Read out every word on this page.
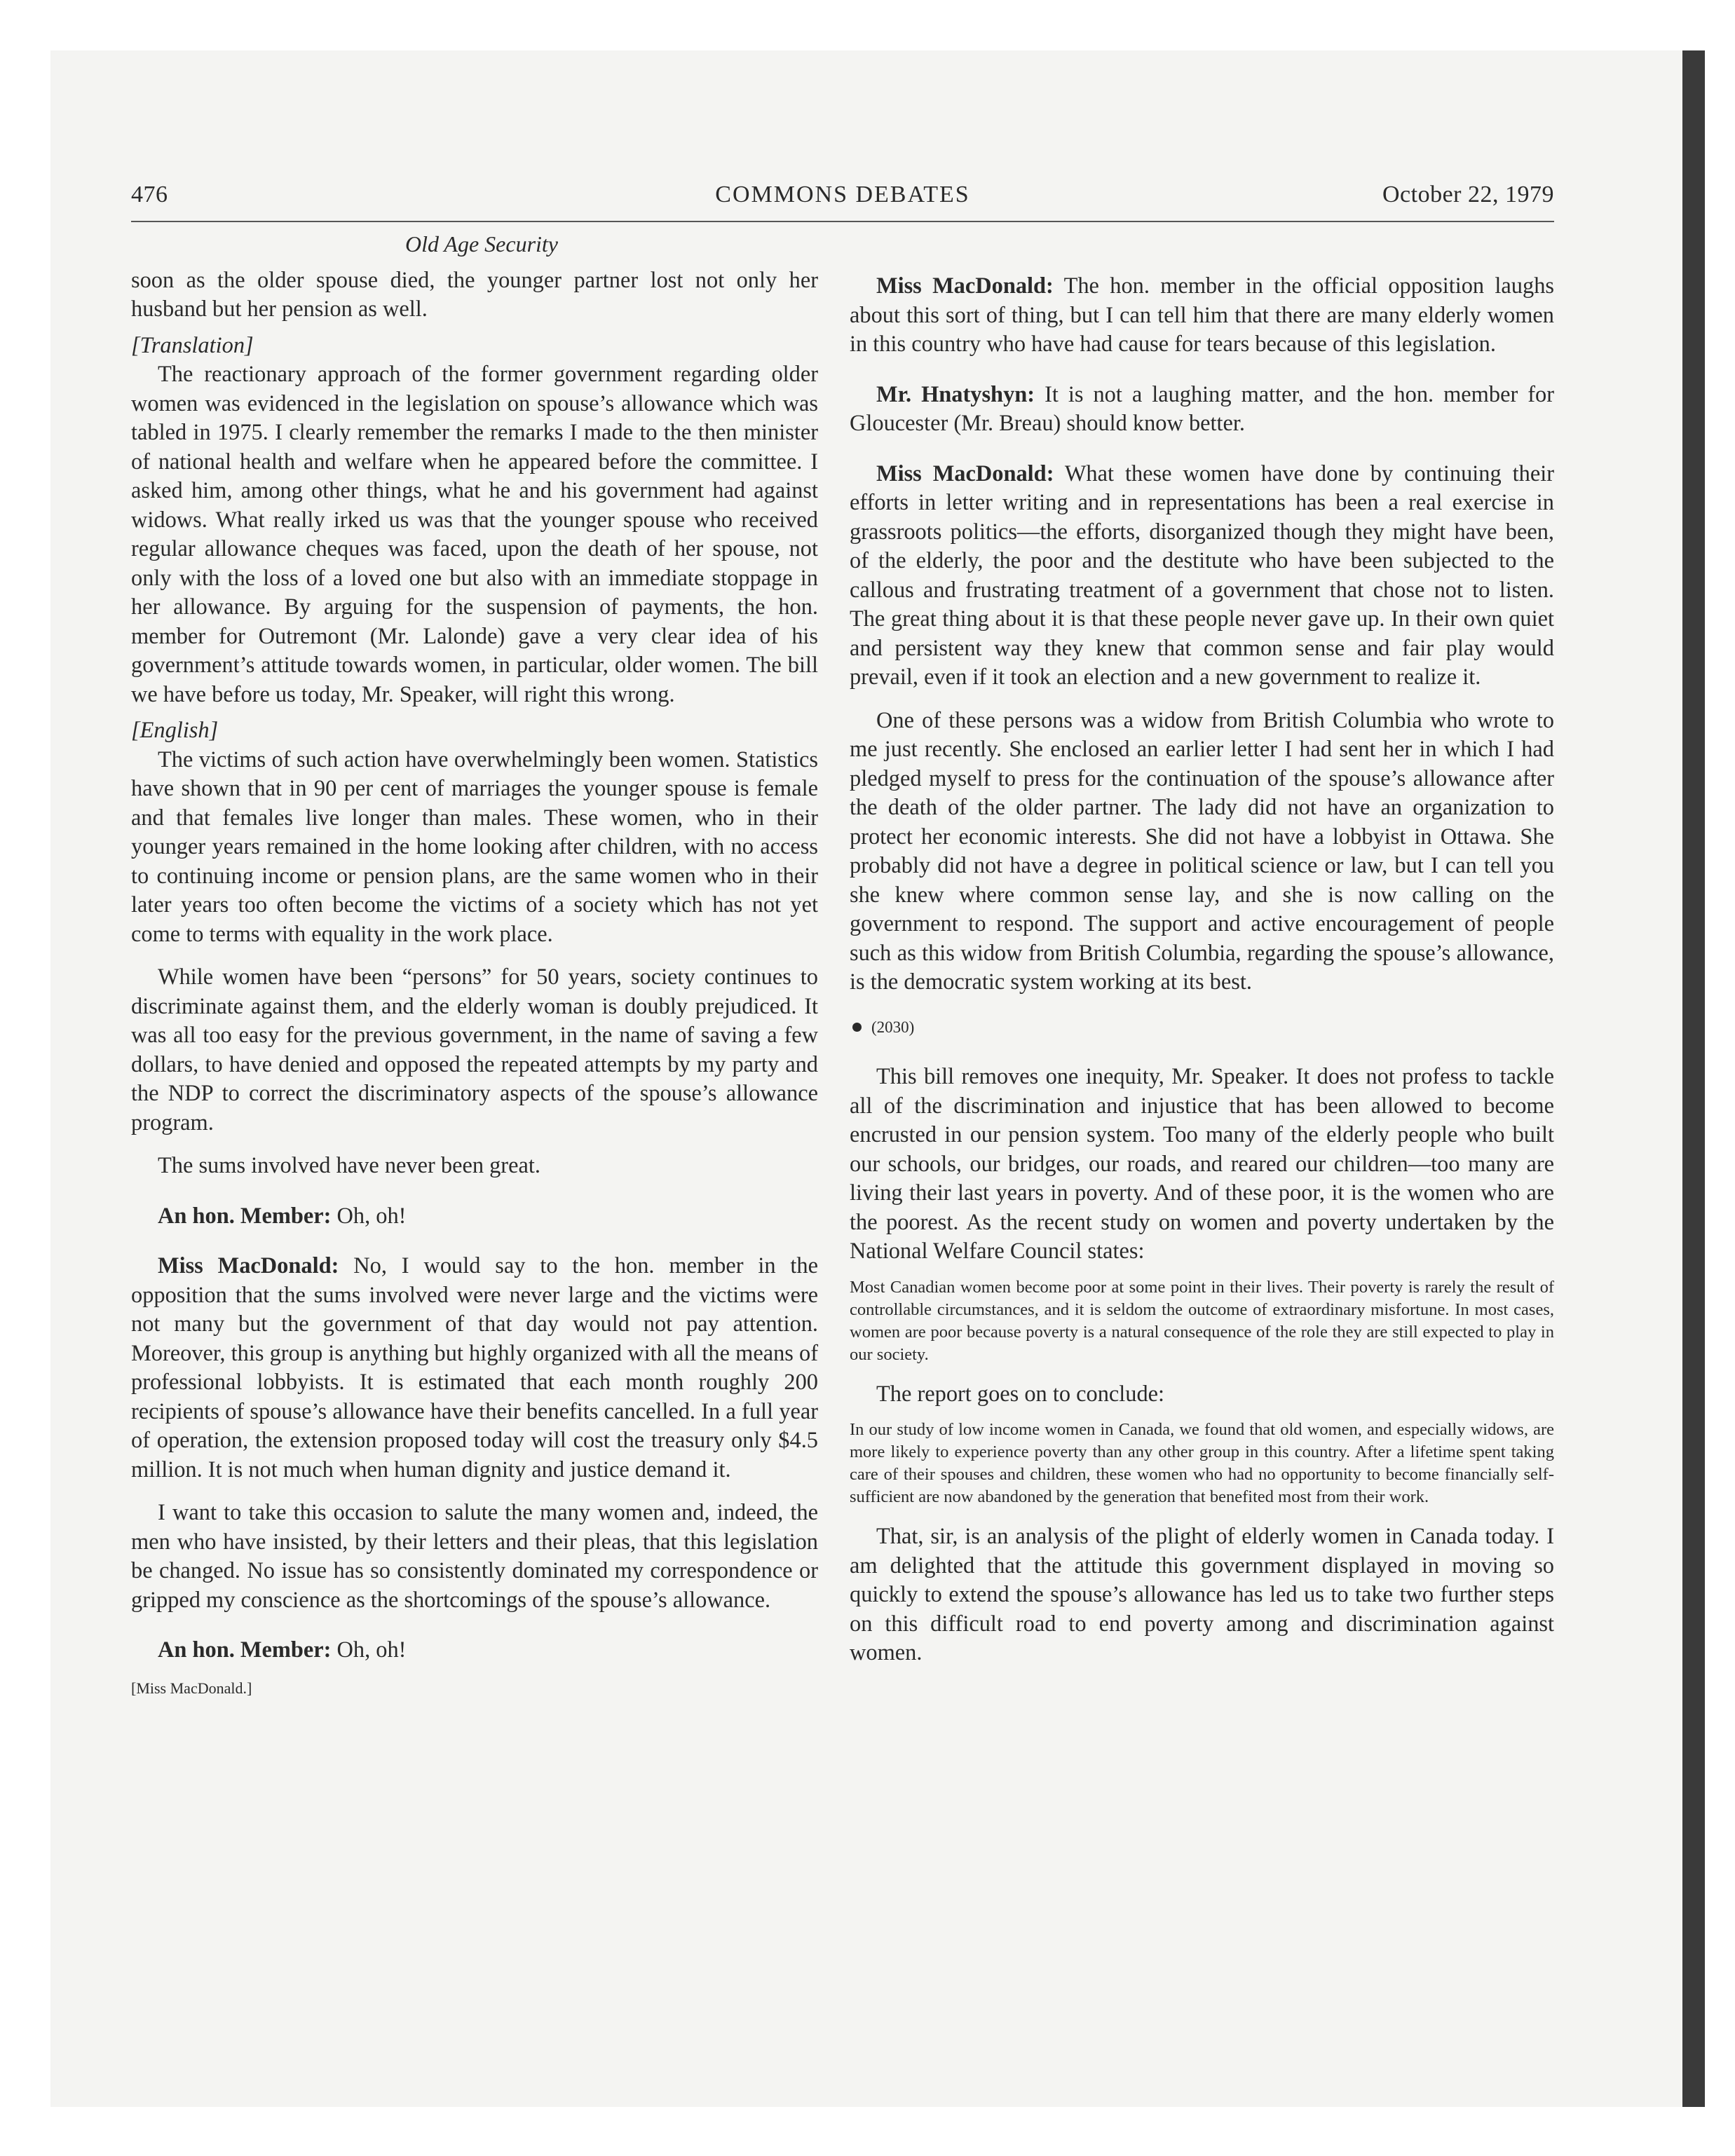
476	COMMONS DEBATES	October 22, 1979
Old Age Security

soon as the older spouse died, the younger partner lost not only her husband but her pension as well.

[Translation]

The reactionary approach of the former government regarding older women was evidenced in the legislation on spouse’s allowance which was tabled in 1975. I clearly remember the remarks I made to the then minister of national health and welfare when he appeared before the committee. I asked him, among other things, what he and his government had against widows. What really irked us was that the younger spouse who received regular allowance cheques was faced, upon the death of her spouse, not only with the loss of a loved one but also with an immediate stoppage in her allowance. By arguing for the suspension of payments, the hon. member for Outremont (Mr. Lalonde) gave a very clear idea of his government’s attitude towards women, in particular, older women. The bill we have before us today, Mr. Speaker, will right this wrong.

[English]

The victims of such action have overwhelmingly been women. Statistics have shown that in 90 per cent of marriages the younger spouse is female and that females live longer than males. These women, who in their younger years remained in the home looking after children, with no access to continuing income or pension plans, are the same women who in their later years too often become the victims of a society which has not yet come to terms with equality in the work place.

While women have been “persons” for 50 years, society continues to discriminate against them, and the elderly woman is doubly prejudiced. It was all too easy for the previous government, in the name of saving a few dollars, to have denied and opposed the repeated attempts by my party and the NDP to correct the discriminatory aspects of the spouse’s allowance program.

The sums involved have never been great.

An hon. Member: Oh, oh!

Miss MacDonald: No, I would say to the hon. member in the opposition that the sums involved were never large and the victims were not many but the government of that day would not pay attention. Moreover, this group is anything but highly organized with all the means of professional lobbyists. It is estimated that each month roughly 200 recipients of spouse’s allowance have their benefits cancelled. In a full year of operation, the extension proposed today will cost the treasury only $4.5 million. It is not much when human dignity and justice demand it.

I want to take this occasion to salute the many women and, indeed, the men who have insisted, by their letters and their pleas, that this legislation be changed. No issue has so consistently dominated my correspondence or gripped my conscience as the shortcomings of the spouse’s allowance.

An hon. Member: Oh, oh!

[Miss MacDonald.]

Miss MacDonald: The hon. member in the official opposition laughs about this sort of thing, but I can tell him that there are many elderly women in this country who have had cause for tears because of this legislation.

Mr. Hnatyshyn: It is not a laughing matter, and the hon. member for Gloucester (Mr. Breau) should know better.

Miss MacDonald: What these women have done by continuing their efforts in letter writing and in representations has been a real exercise in grassroots politics—the efforts, disorganized though they might have been, of the elderly, the poor and the destitute who have been subjected to the callous and frustrating treatment of a government that chose not to listen. The great thing about it is that these people never gave up. In their own quiet and persistent way they knew that common sense and fair play would prevail, even if it took an election and a new government to realize it.

One of these persons was a widow from British Columbia who wrote to me just recently. She enclosed an earlier letter I had sent her in which I had pledged myself to press for the continuation of the spouse’s allowance after the death of the older partner. The lady did not have an organization to protect her economic interests. She did not have a lobbyist in Ottawa. She probably did not have a degree in political science or law, but I can tell you she knew where common sense lay, and she is now calling on the government to respond. The support and active encouragement of people such as this widow from British Columbia, regarding the spouse’s allowance, is the democratic system working at its best.

(2030)

This bill removes one inequity, Mr. Speaker. It does not profess to tackle all of the discrimination and injustice that has been allowed to become encrusted in our pension system. Too many of the elderly people who built our schools, our bridges, our roads, and reared our children—too many are living their last years in poverty. And of these poor, it is the women who are the poorest. As the recent study on women and poverty undertaken by the National Welfare Council states:

Most Canadian women become poor at some point in their lives. Their poverty is rarely the result of controllable circumstances, and it is seldom the outcome of extraordinary misfortune. In most cases, women are poor because poverty is a natural consequence of the role they are still expected to play in our society.

The report goes on to conclude:

In our study of low income women in Canada, we found that old women, and especially widows, are more likely to experience poverty than any other group in this country. After a lifetime spent taking care of their spouses and children, these women who had no opportunity to become financially self-sufficient are now abandoned by the generation that benefited most from their work.

That, sir, is an analysis of the plight of elderly women in Canada today. I am delighted that the attitude this government displayed in moving so quickly to extend the spouse’s allowance has led us to take two further steps on this difficult road to end poverty among and discrimination against women.
